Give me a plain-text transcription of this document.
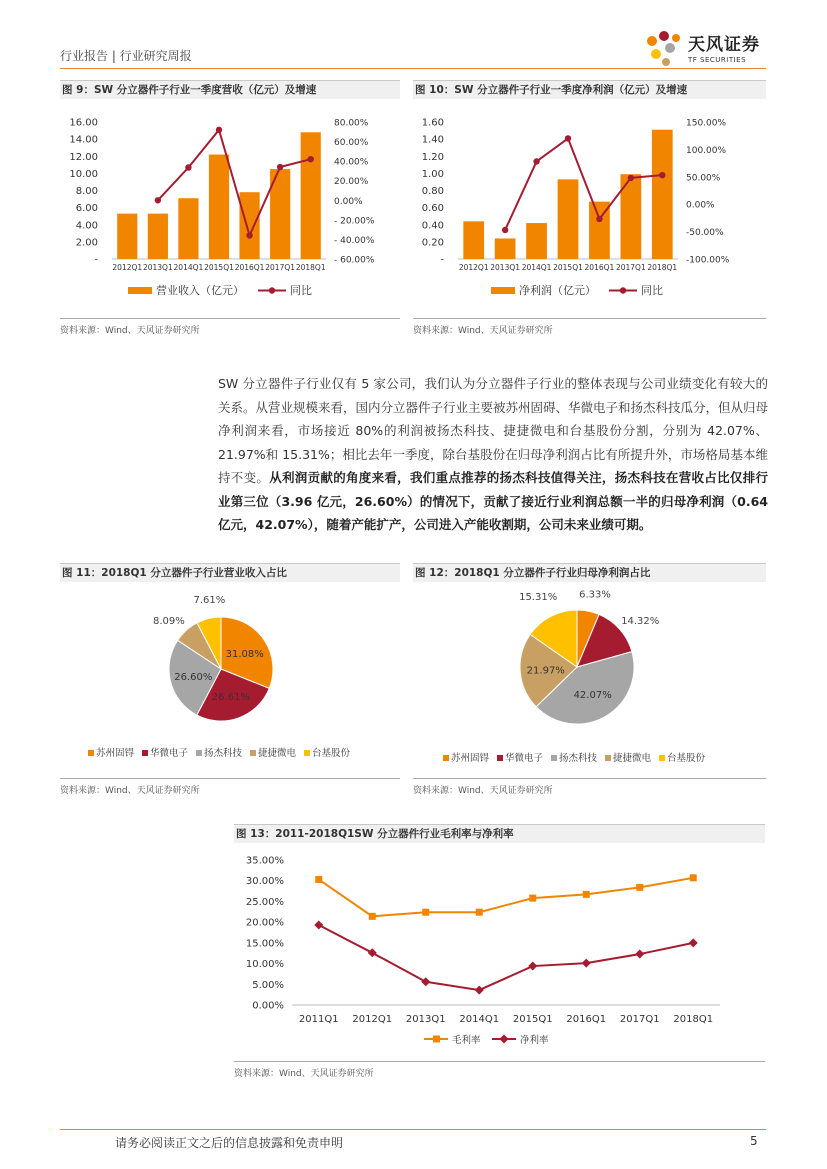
行业报告 | 行业研究周报
天风证券
TF SECURITIES
图 9：SW 分立器件子行业一季度营收（亿元）及增速
-
2.00
4.00
6.00
8.00
10.00
12.00
14.00
16.00
- 60.00%
- 40.00%
- 20.00%
0.00%
20.00%
40.00%
60.00%
80.00%
2012Q1 2013Q1 2014Q1 2015Q1 2016Q1 2017Q1 2018Q1
营业收入（亿元）	同比
资料来源：Wind、天风证券研究所
图 10：SW 分立器件子行业一季度净利润（亿元）及增速
-
0.20
0.40
0.60
0.80
1.00
1.20
1.40
1.60
-100.00%
-50.00%
0.00%
50.00%
100.00%
150.00%
2012Q1 2013Q1 2014Q1 2015Q1 2016Q1 2017Q1 2018Q1
净利润（亿元）	同比
资料来源：Wind、天风证券研究所
SW 分立器件子行业仅有 5 家公司，我们认为分立器件子行业的整体表现与公司业绩变化有较大的关系。从营业规模来看，国内分立器件子行业主要被苏州固碍、华微电子和扬杰科技瓜分，但从归母净利润来看，市场接近 80%的利润被扬杰科技、捷捷微电和台基股份分割，分别为 42.07%、21.97%和 15.31%；相比去年一季度，除台基股份在归母净利润占比有所提升外，市场格局基本维持不变。从利润贡献的角度来看，我们重点推荐的扬杰科技值得关注，扬杰科技在营收占比仅排行业第三位（3.96 亿元，26.60%）的情况下，贡献了接近行业利润总额一半的归母净利润（0.64 亿元，42.07%），随着产能扩产，公司进入产能收割期，公司未来业绩可期。
图 11：2018Q1 分立器件子行业营业收入占比
31.08%
26.61%
26.60%
8.09%
7.61%
苏州固锝 华微电子 扬杰科技 捷捷微电 台基股份
资料来源：Wind、天风证券研究所
图 12：2018Q1 分立器件子行业归母净利润占比
6.33%
14.32%
42.07%
21.97%
15.31%
苏州固锝 华微电子 扬杰科技 捷捷微电 台基股份
资料来源：Wind、天风证券研究所
图 13：2011-2018Q1SW 分立器件行业毛利率与净利率
0.00%
5.00%
10.00%
15.00%
20.00%
25.00%
30.00%
35.00%
2011Q1 2012Q1 2013Q1 2014Q1 2015Q1 2016Q1 2017Q1 2018Q1
毛利率	净利率
资料来源：Wind、天风证券研究所
请务必阅读正文之后的信息披露和免责申明	5
